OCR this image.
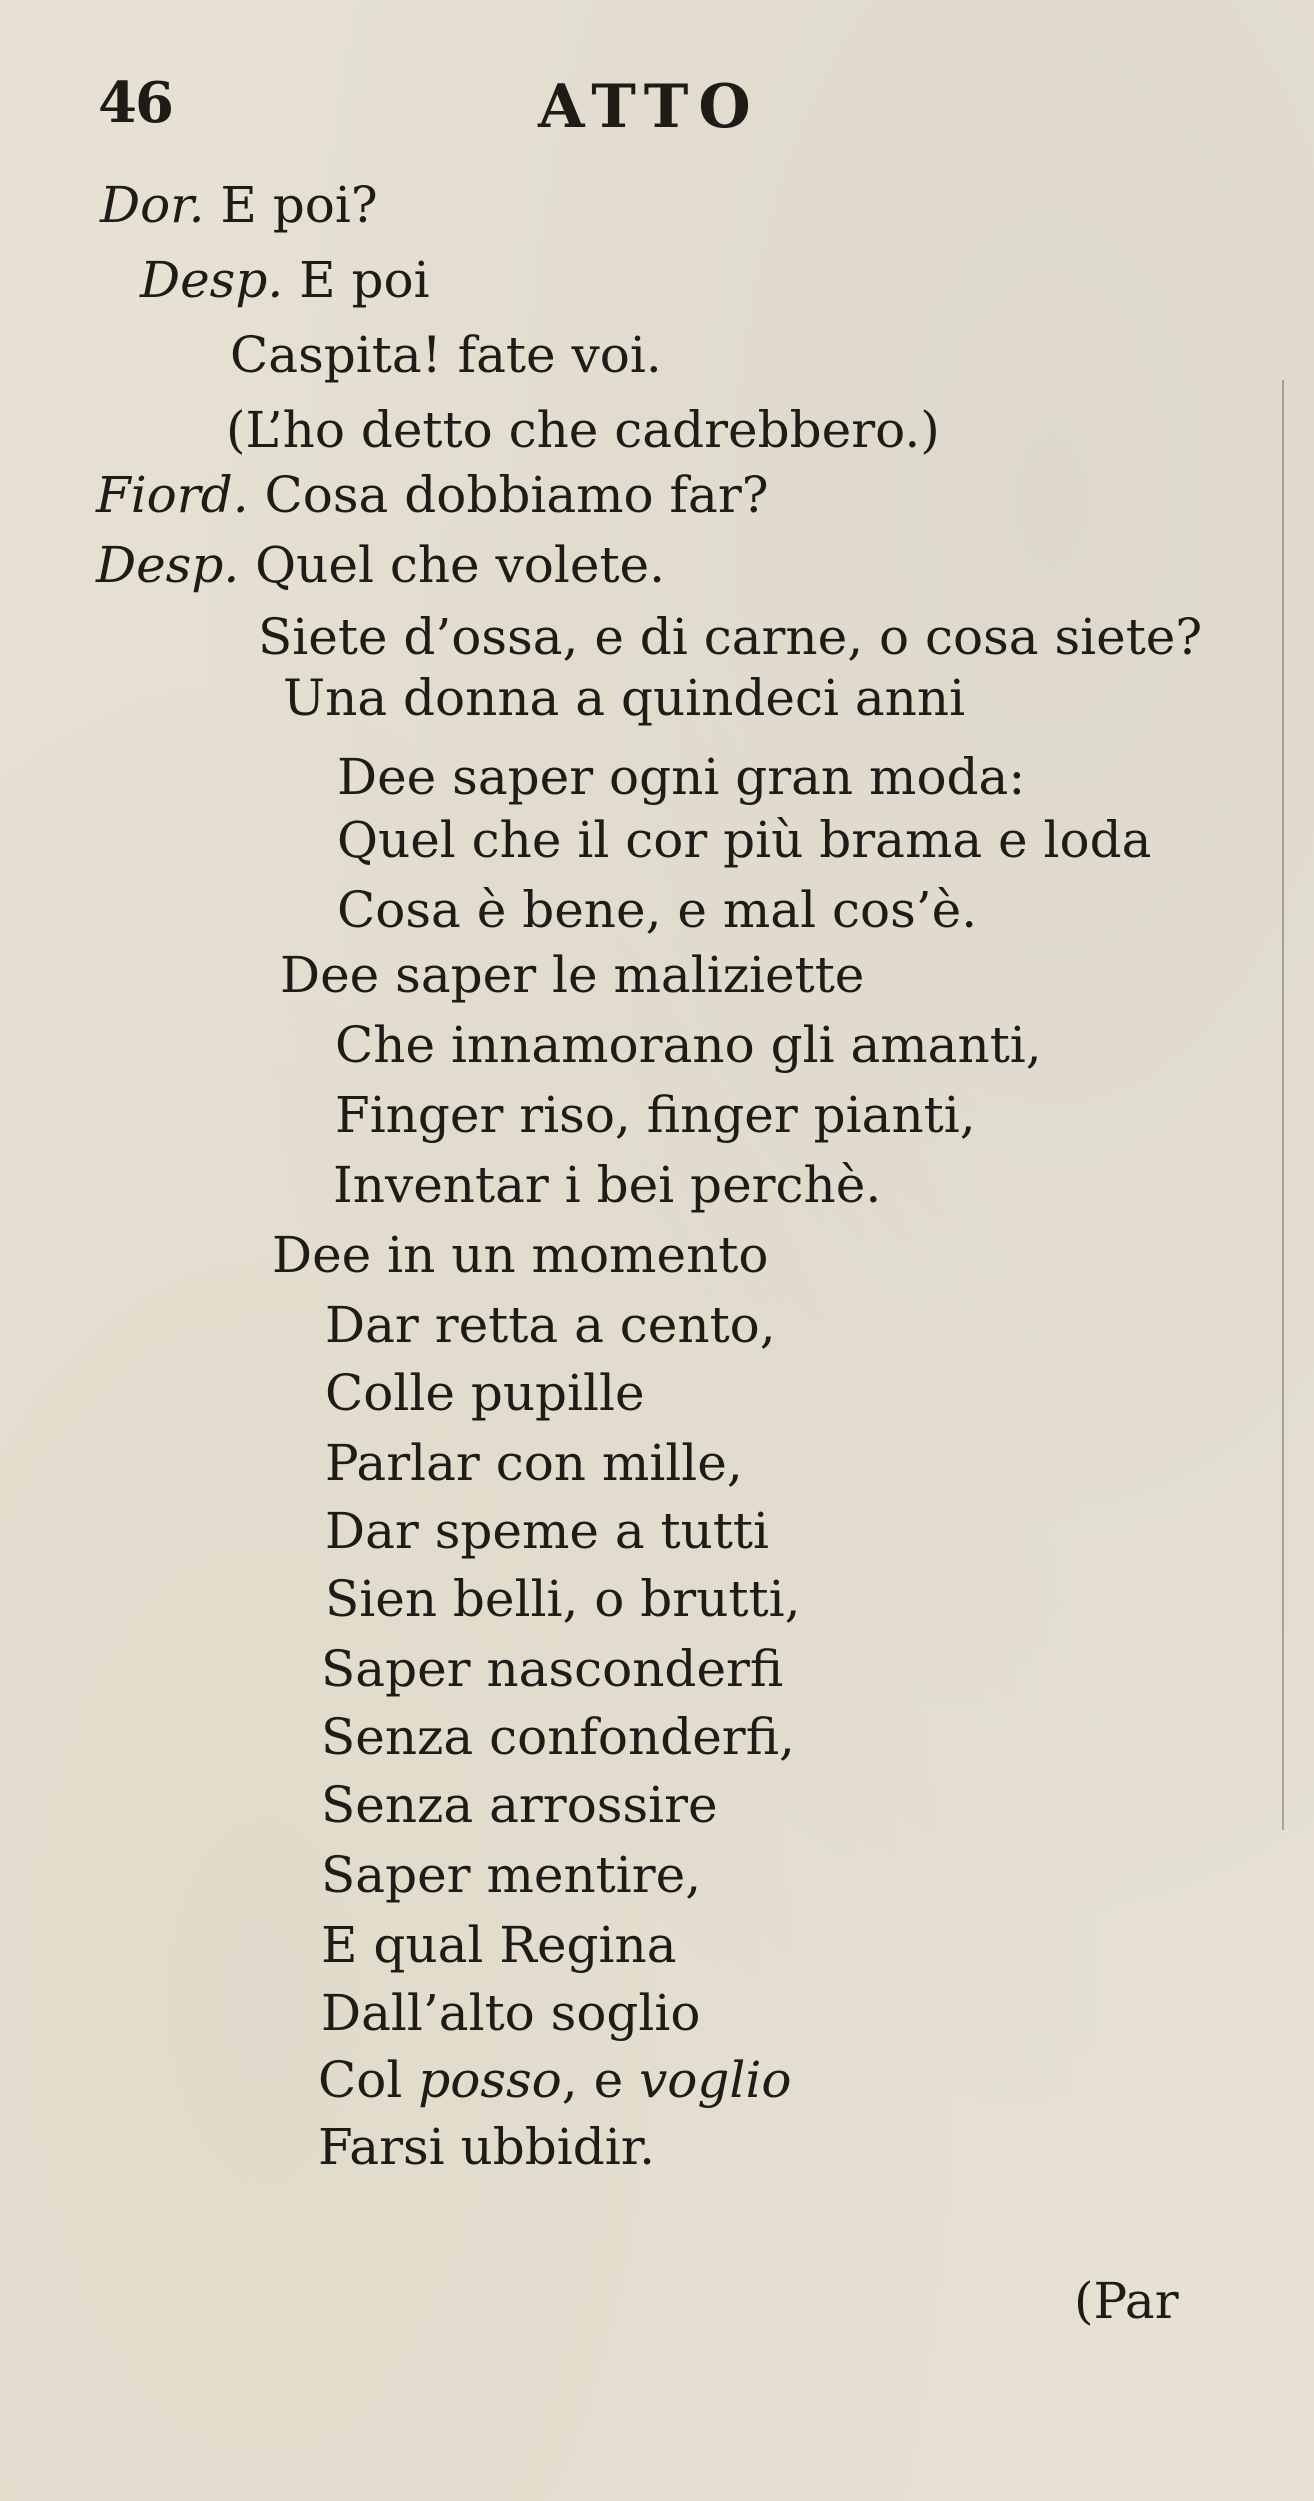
46	ATTO
Dor. E poi?
Desp. E poi
Caspita! fate voi.
(L’ho detto che cadrebbero.)
Fiord. Cosa dobbiamo far?
Desp. Quel che volete.
Siete d’ossa, e di carne, o cosa siete?
Una donna a quindeci anni
Dee saper ogni gran moda:
Quel che il cor più brama e loda
Cosa è bene, e mal cos’è.
Dee saper le maliziette
Che innamorano gli amanti,
Finger riso, finger pianti,
Inventar i bei perchè.
Dee in un momento
Dar retta a cento,
Colle pupille
Parlar con mille,
Dar speme a tutti
Sien belli, o brutti,
Saper nasconderfi
Senza confonderfi,
Senza arrossire
Saper mentire,
E qual Regina
Dall’alto soglio
Col posso, e voglio
Farsi ubbidir.
(Par
